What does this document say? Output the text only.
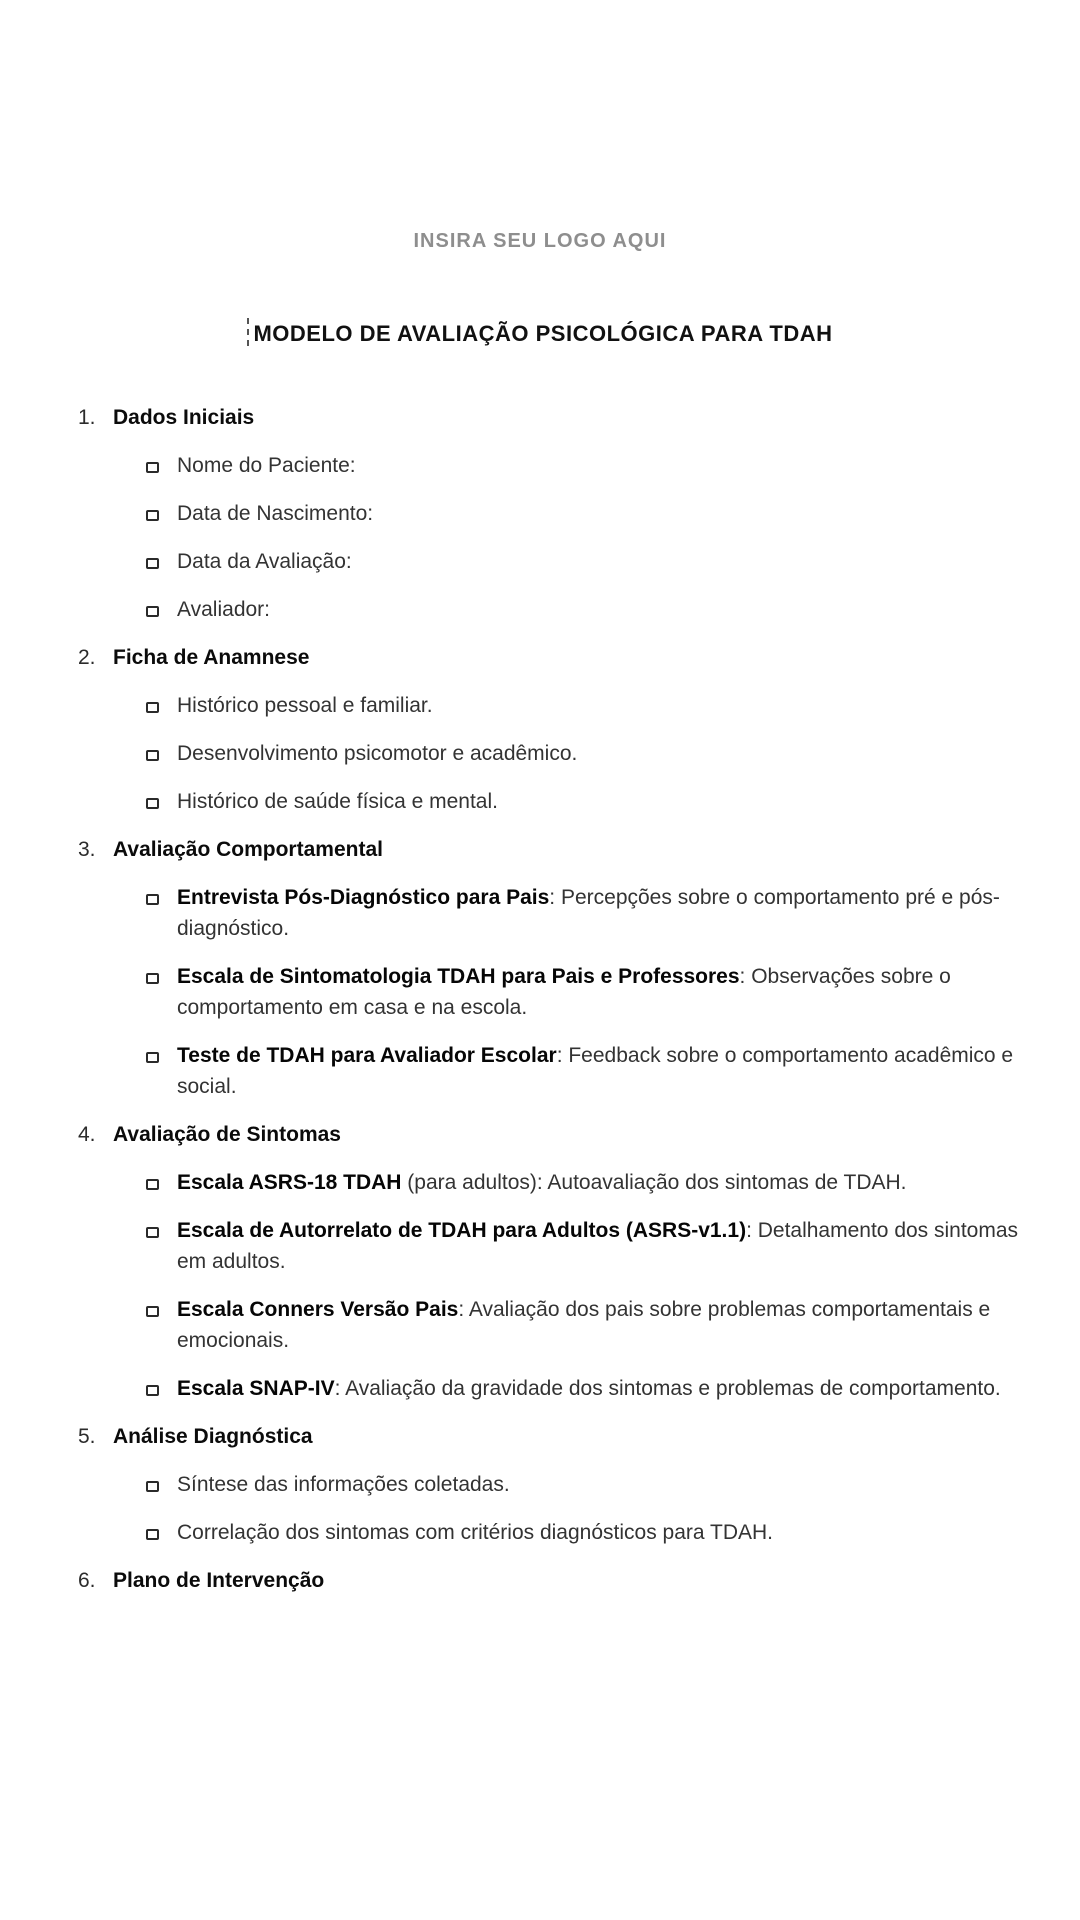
INSIRA SEU LOGO AQUI
MODELO DE AVALIAÇÃO PSICOLÓGICA PARA TDAH
1. Dados Iniciais
Nome do Paciente:
Data de Nascimento:
Data da Avaliação:
Avaliador:
2. Ficha de Anamnese
Histórico pessoal e familiar.
Desenvolvimento psicomotor e acadêmico.
Histórico de saúde física e mental.
3. Avaliação Comportamental
Entrevista Pós-Diagnóstico para Pais: Percepções sobre o comportamento pré e pós-diagnóstico.
Escala de Sintomatologia TDAH para Pais e Professores: Observações sobre o comportamento em casa e na escola.
Teste de TDAH para Avaliador Escolar: Feedback sobre o comportamento acadêmico e social.
4. Avaliação de Sintomas
Escala ASRS-18 TDAH (para adultos): Autoavaliação dos sintomas de TDAH.
Escala de Autorrelato de TDAH para Adultos (ASRS-v1.1): Detalhamento dos sintomas em adultos.
Escala Conners Versão Pais: Avaliação dos pais sobre problemas comportamentais e emocionais.
Escala SNAP-IV: Avaliação da gravidade dos sintomas e problemas de comportamento.
5. Análise Diagnóstica
Síntese das informações coletadas.
Correlação dos sintomas com critérios diagnósticos para TDAH.
6. Plano de Intervenção
